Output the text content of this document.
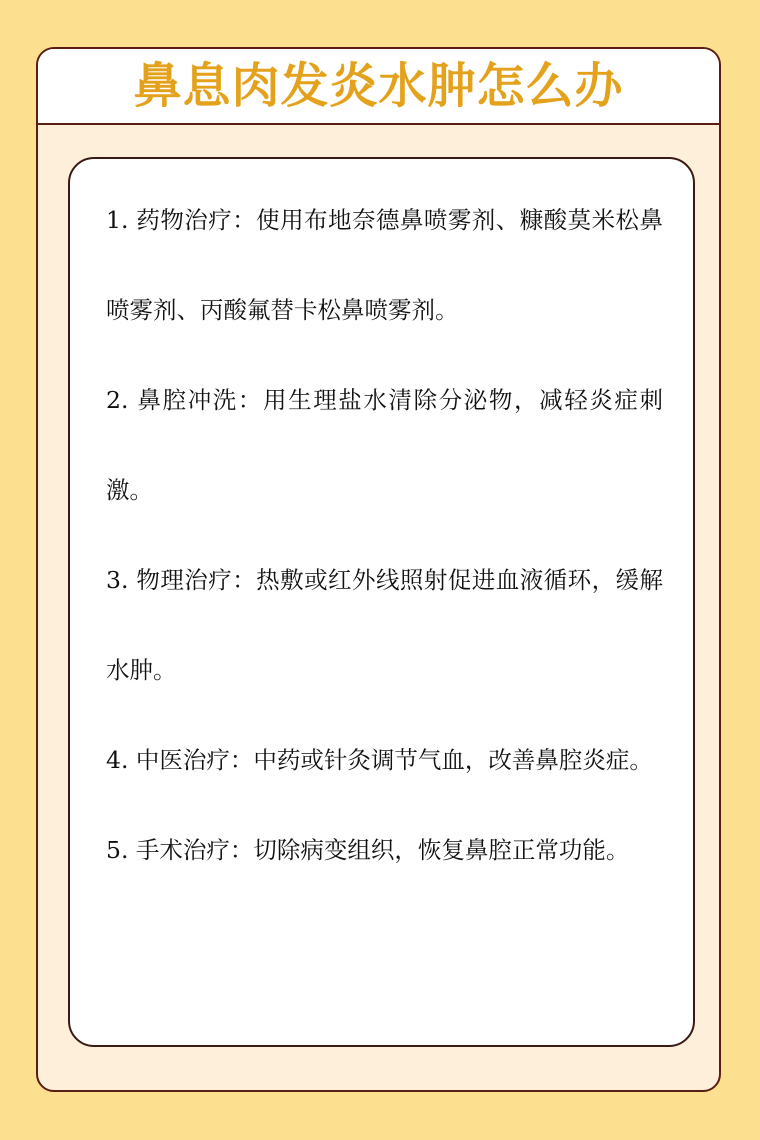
鼻息肉发炎水肿怎么办

1. 药物治疗：使用布地奈德鼻喷雾剂、糠酸莫米松鼻喷雾剂、丙酸氟替卡松鼻喷雾剂。

2. 鼻腔冲洗：用生理盐水清除分泌物，减轻炎症刺激。

3. 物理治疗：热敷或红外线照射促进血液循环，缓解水肿。

4. 中医治疗：中药或针灸调节气血，改善鼻腔炎症。

5. 手术治疗：切除病变组织，恢复鼻腔正常功能。
